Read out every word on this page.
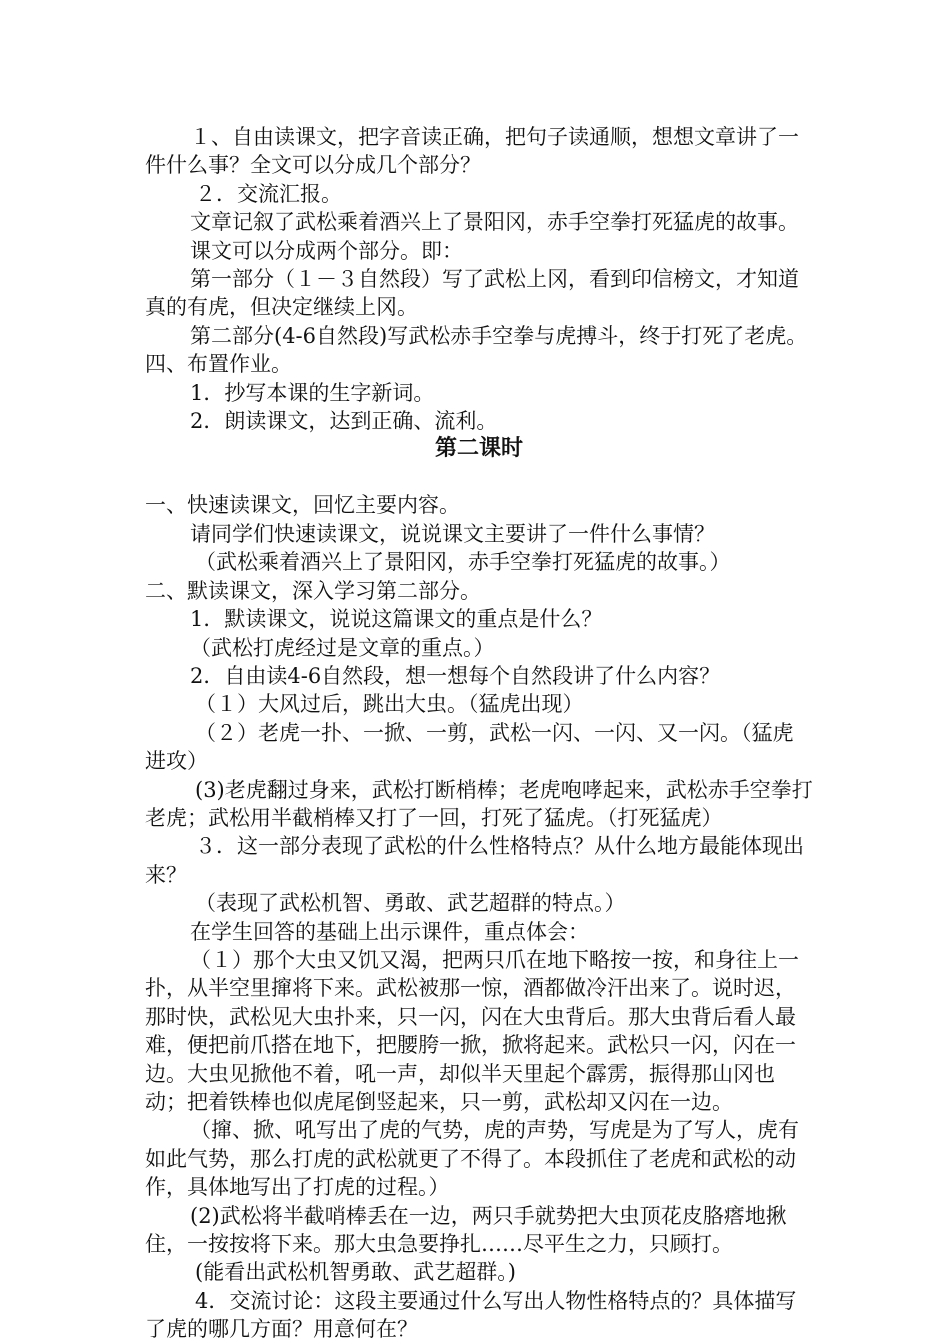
１、自由读课文，把字音读正确，把句子读通顺，想想文章讲了一件什么事？全文可以分成几个部分？

２．交流汇报。

文章记叙了武松乘着酒兴上了景阳冈，赤手空拳打死猛虎的故事。

课文可以分成两个部分。即：

第一部分（１－３自然段）写了武松上冈，看到印信榜文，才知道真的有虎，但决定继续上冈。

第二部分(4-6自然段)写武松赤手空拳与虎搏斗，终于打死了老虎。

四、布置作业。

1．抄写本课的生字新词。

2．朗读课文，达到正确、流利。

第二课时

一、快速读课文，回忆主要内容。

请同学们快速读课文，说说课文主要讲了一件什么事情？

（武松乘着酒兴上了景阳冈，赤手空拳打死猛虎的故事。）

二、默读课文，深入学习第二部分。

1．默读课文，说说这篇课文的重点是什么？

（武松打虎经过是文章的重点。）

2．自由读4-6自然段，想一想每个自然段讲了什么内容？

（１）大风过后，跳出大虫。（猛虎出现）

（２）老虎一扑、一掀、一剪，武松一闪、一闪、又一闪。（猛虎进攻）

(3)老虎翻过身来，武松打断梢棒；老虎咆哮起来，武松赤手空拳打老虎；武松用半截梢棒又打了一回，打死了猛虎。（打死猛虎）

３．这一部分表现了武松的什么性格特点？从什么地方最能体现出来？

（表现了武松机智、勇敢、武艺超群的特点。）

在学生回答的基础上出示课件，重点体会：

（１）那个大虫又饥又渴，把两只爪在地下略按一按，和身往上一扑，从半空里撺将下来。武松被那一惊，酒都做冷汗出来了。说时迟，那时快，武松见大虫扑来，只一闪，闪在大虫背后。那大虫背后看人最难，便把前爪搭在地下，把腰胯一掀，掀将起来。武松只一闪，闪在一边。大虫见掀他不着，吼一声，却似半天里起个霹雳，振得那山冈也动；把着铁棒也似虎尾倒竖起来，只一剪，武松却又闪在一边。

（撺、掀、吼写出了虎的气势，虎的声势，写虎是为了写人，虎有如此气势，那么打虎的武松就更了不得了。本段抓住了老虎和武松的动作，具体地写出了打虎的过程。）

(2)武松将半截哨棒丢在一边，两只手就势把大虫顶花皮胳瘩地揪住，一按按将下来。那大虫急要挣扎……尽平生之力，只顾打。

(能看出武松机智勇敢、武艺超群。)

4．交流讨论：这段主要通过什么写出人物性格特点的？具体描写了虎的哪几方面？用意何在？
